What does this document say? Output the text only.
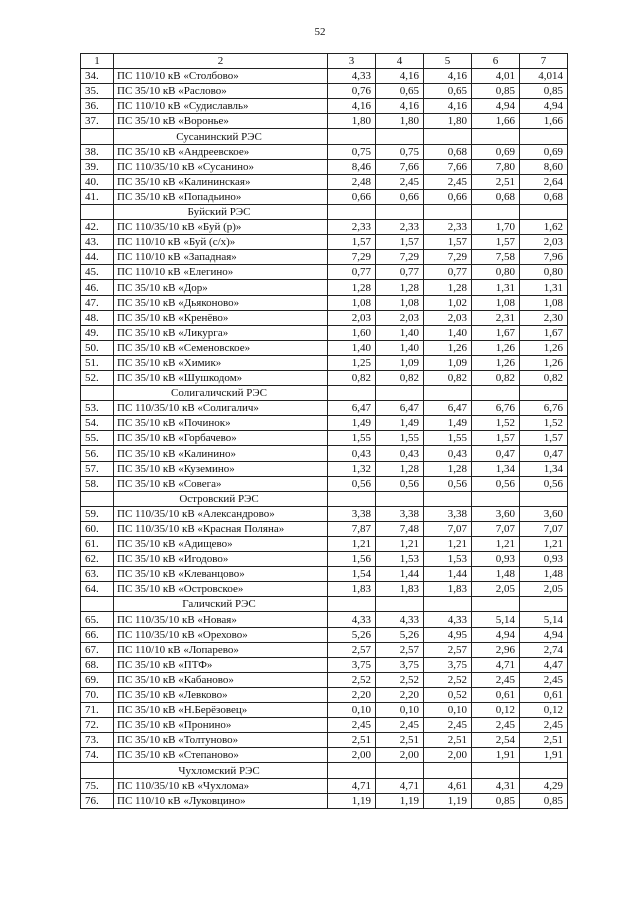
52
1	2	3	4	5	6	7
34.	ПС 110/10 кВ «Столбово»	4,33	4,16	4,16	4,01	4,014
35.	ПС 35/10 кВ «Раслово»	0,76	0,65	0,65	0,85	0,85
36.	ПС 110/10 кВ «Судиславль»	4,16	4,16	4,16	4,94	4,94
37.	ПС 35/10 кВ «Воронье»	1,80	1,80	1,80	1,66	1,66
	Сусанинский РЭС					
38.	ПС 35/10 кВ «Андреевское»	0,75	0,75	0,68	0,69	0,69
39.	ПС 110/35/10 кВ «Сусанино»	8,46	7,66	7,66	7,80	8,60
40.	ПС 35/10 кВ «Калининская»	2,48	2,45	2,45	2,51	2,64
41.	ПС 35/10 кВ «Попадьино»	0,66	0,66	0,66	0,68	0,68
	Буйский РЭС					
42.	ПС 110/35/10 кВ «Буй (р)»	2,33	2,33	2,33	1,70	1,62
43.	ПС 110/10 кВ «Буй (с/х)»	1,57	1,57	1,57	1,57	2,03
44.	ПС 110/10 кВ «Западная»	7,29	7,29	7,29	7,58	7,96
45.	ПС 110/10 кВ «Елегино»	0,77	0,77	0,77	0,80	0,80
46.	ПС 35/10 кВ «Дор»	1,28	1,28	1,28	1,31	1,31
47.	ПС 35/10 кВ «Дьяконово»	1,08	1,08	1,02	1,08	1,08
48.	ПС 35/10 кВ «Кренёво»	2,03	2,03	2,03	2,31	2,30
49.	ПС 35/10 кВ «Ликурга»	1,60	1,40	1,40	1,67	1,67
50.	ПС 35/10 кВ «Семеновское»	1,40	1,40	1,26	1,26	1,26
51.	ПС 35/10 кВ «Химик»	1,25	1,09	1,09	1,26	1,26
52.	ПС 35/10 кВ «Шушкодом»	0,82	0,82	0,82	0,82	0,82
	Солигаличский РЭС					
53.	ПС 110/35/10 кВ «Солигалич»	6,47	6,47	6,47	6,76	6,76
54.	ПС 35/10 кВ «Починок»	1,49	1,49	1,49	1,52	1,52
55.	ПС 35/10 кВ «Горбачево»	1,55	1,55	1,55	1,57	1,57
56.	ПС 35/10 кВ «Калинино»	0,43	0,43	0,43	0,47	0,47
57.	ПС 35/10 кВ «Куземино»	1,32	1,28	1,28	1,34	1,34
58.	ПС 35/10 кВ «Совега»	0,56	0,56	0,56	0,56	0,56
	Островский РЭС					
59.	ПС 110/35/10 кВ «Александрово»	3,38	3,38	3,38	3,60	3,60
60.	ПС 110/35/10 кВ «Красная Поляна»	7,87	7,48	7,07	7,07	7,07
61.	ПС 35/10 кВ «Адищево»	1,21	1,21	1,21	1,21	1,21
62.	ПС 35/10 кВ «Игодово»	1,56	1,53	1,53	0,93	0,93
63.	ПС 35/10 кВ «Клеванцово»	1,54	1,44	1,44	1,48	1,48
64.	ПС 35/10 кВ «Островское»	1,83	1,83	1,83	2,05	2,05
	Галичский РЭС					
65.	ПС 110/35/10 кВ «Новая»	4,33	4,33	4,33	5,14	5,14
66.	ПС 110/35/10 кВ «Орехово»	5,26	5,26	4,95	4,94	4,94
67.	ПС 110/10 кВ «Лопарево»	2,57	2,57	2,57	2,96	2,74
68.	ПС 35/10 кВ «ПТФ»	3,75	3,75	3,75	4,71	4,47
69.	ПС 35/10 кВ «Кабаново»	2,52	2,52	2,52	2,45	2,45
70.	ПС 35/10 кВ «Левково»	2,20	2,20	0,52	0,61	0,61
71.	ПС 35/10 кВ «Н.Берёзовец»	0,10	0,10	0,10	0,12	0,12
72.	ПС 35/10 кВ «Пронино»	2,45	2,45	2,45	2,45	2,45
73.	ПС 35/10 кВ «Толтуново»	2,51	2,51	2,51	2,54	2,51
74.	ПС 35/10 кВ «Степаново»	2,00	2,00	2,00	1,91	1,91
	Чухломский РЭС					
75.	ПС 110/35/10 кВ «Чухлома»	4,71	4,71	4,61	4,31	4,29
76.	ПС 110/10 кВ «Луковцино»	1,19	1,19	1,19	0,85	0,85
